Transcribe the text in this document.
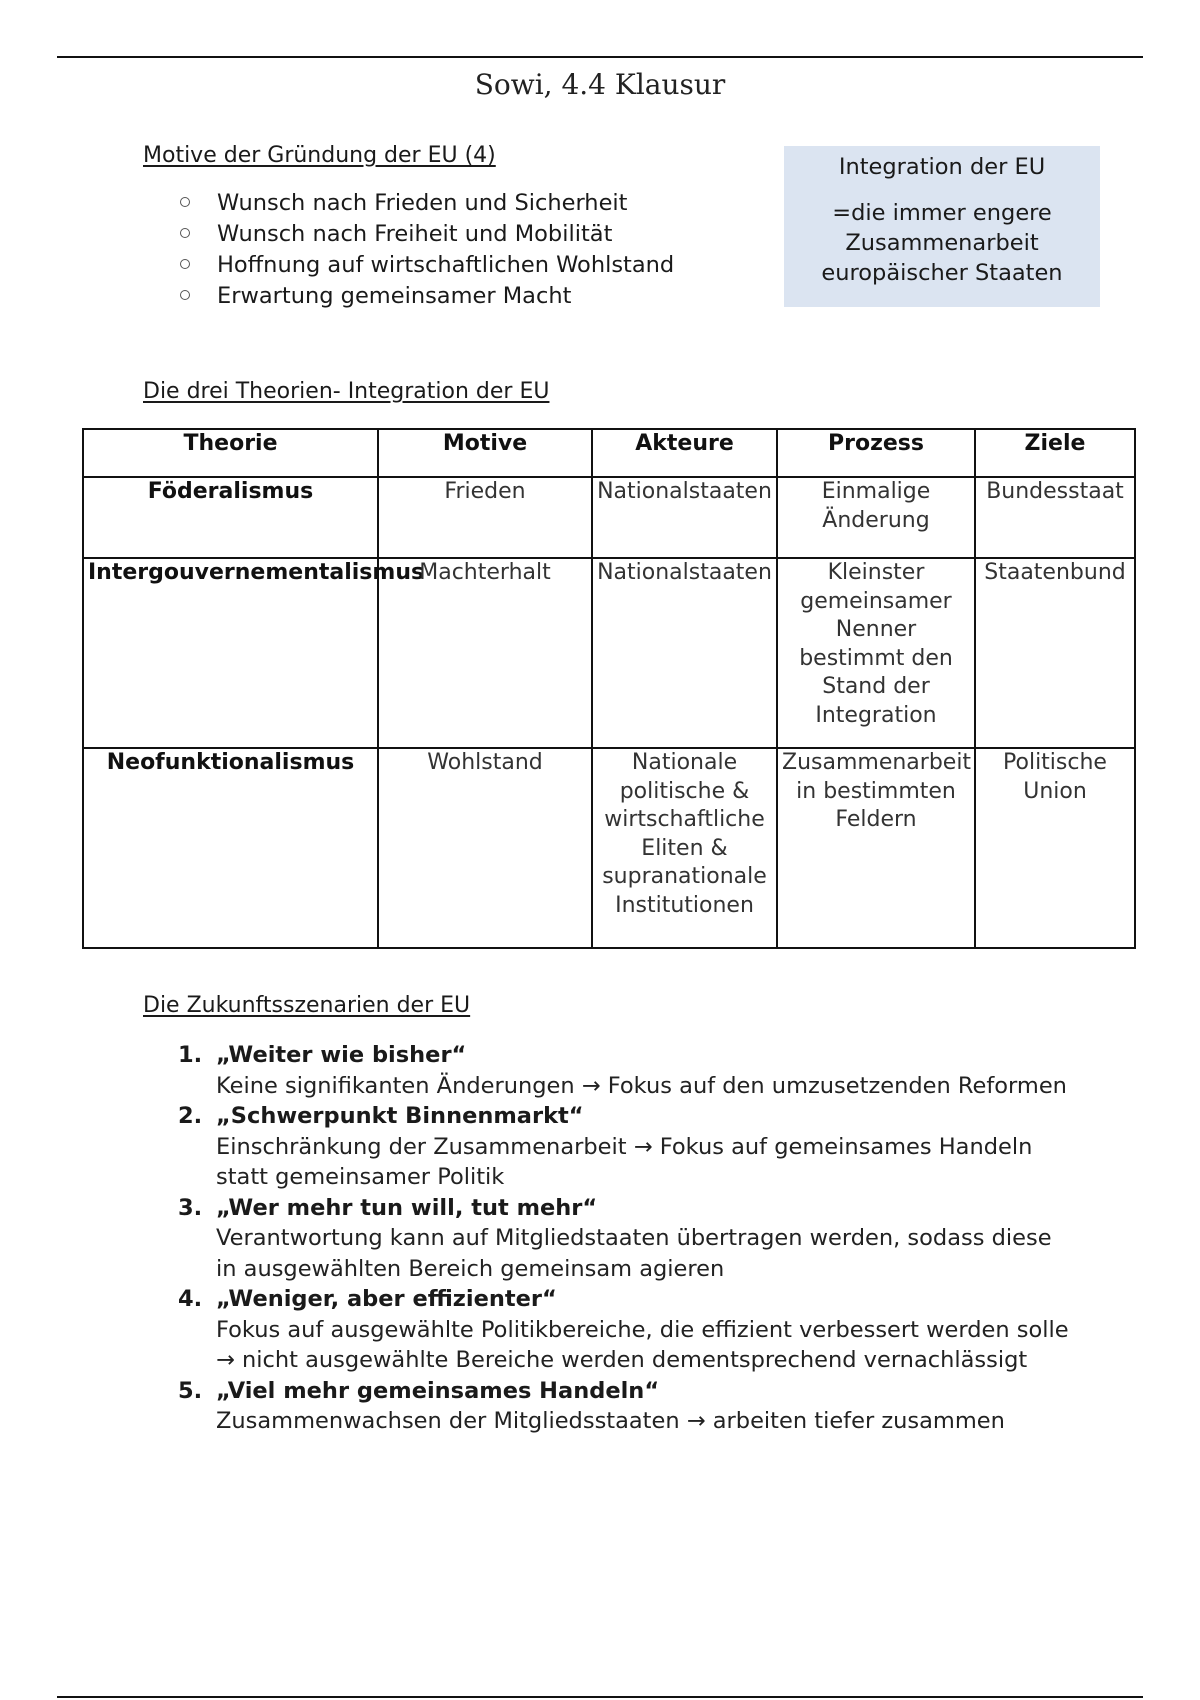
Sowi, 4.4 Klausur
Motive der Gründung der EU (4)
Wunsch nach Frieden und Sicherheit
Wunsch nach Freiheit und Mobilität
Hoffnung auf wirtschaftlichen Wohlstand
Erwartung gemeinsamer Macht
Integration der EU
=die immer engere Zusammenarbeit europäischer Staaten
Die drei Theorien- Integration der EU
Theorie	Motive	Akteure	Prozess	Ziele
Föderalismus	Frieden	Nationalstaaten	Einmalige Änderung	Bundesstaat
Intergouvernementalismus	Machterhalt	Nationalstaaten	Kleinster gemeinsamer Nenner bestimmt den Stand der Integration	Staatenbund
Neofunktionalismus	Wohlstand	Nationale politische & wirtschaftliche Eliten & supranationale Institutionen	Zusammenarbeit in bestimmten Feldern	Politische Union
Die Zukunftsszenarien der EU
1. „Weiter wie bisher“
Keine signifikanten Änderungen → Fokus auf den umzusetzenden Reformen
2. „Schwerpunkt Binnenmarkt“
Einschränkung der Zusammenarbeit → Fokus auf gemeinsames Handeln statt gemeinsamer Politik
3. „Wer mehr tun will, tut mehr“
Verantwortung kann auf Mitgliedstaaten übertragen werden, sodass diese in ausgewählten Bereich gemeinsam agieren
4. „Weniger, aber effizienter“
Fokus auf ausgewählte Politikbereiche, die effizient verbessert werden solle → nicht ausgewählte Bereiche werden dementsprechend vernachlässigt
5. „Viel mehr gemeinsames Handeln“
Zusammenwachsen der Mitgliedsstaaten → arbeiten tiefer zusammen
